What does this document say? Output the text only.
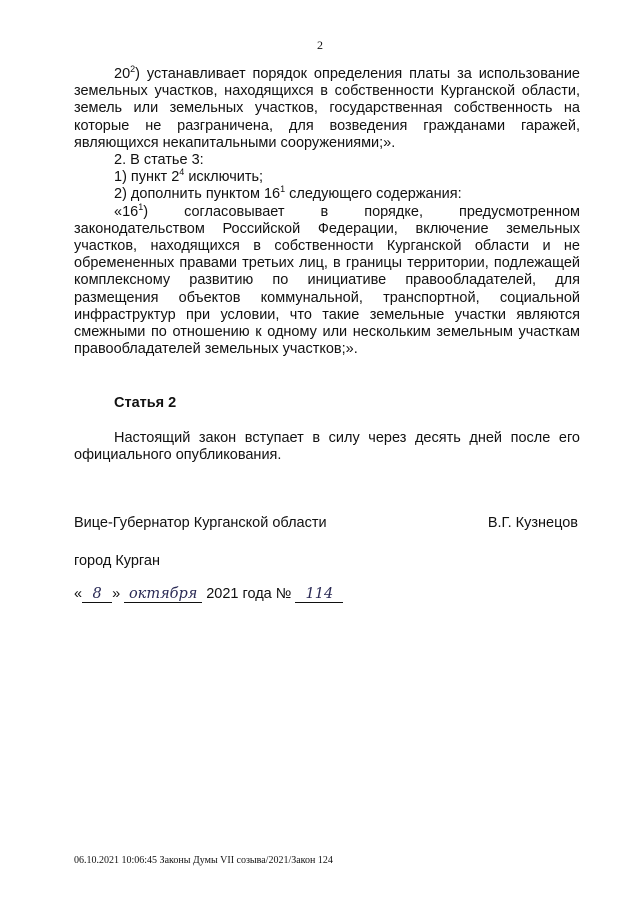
2

$20^2$) устанавливает порядок определения платы за использование земельных участков, находящихся в собственности Курганской области, земель или земельных участков, государственная собственность на которые не разграничена, для возведения гражданами гаражей, являющихся некапитальными сооружениями;».

2. В статье 3:

1) пункт $2^4$ исключить;

2) дополнить пунктом $16^1$ следующего содержания:

«$16^1$) согласовывает в порядке, предусмотренном законодательством Российской Федерации, включение земельных участков, находящихся в собственности Курганской области и не обремененных правами третьих лиц, в границы территории, подлежащей комплексному развитию по инициативе правообладателей, для размещения объектов коммунальной, транспортной, социальной инфраструктур при условии, что такие земельные участки являются смежными по отношению к одному или нескольким земельным участкам правообладателей земельных участков;».

Статья 2

Настоящий закон вступает в силу через десять дней после его официального опубликования.

Вице-Губернатор Курганской области	В.Г. Кузнецов
город Курган
« 8 » октября 2021 года № 114
06.10.2021 10:06:45 Законы Думы VII созыва/2021/Закон 124
